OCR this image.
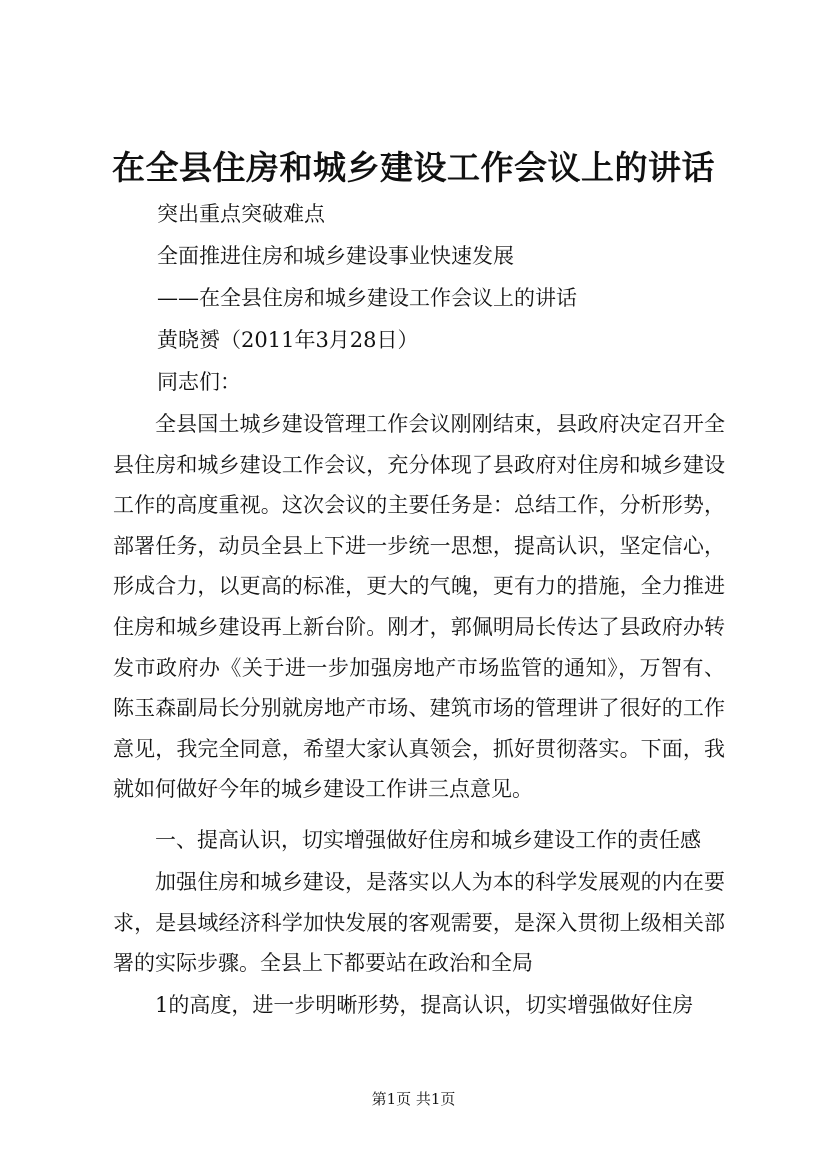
在全县住房和城乡建设工作会议上的讲话
突出重点突破难点
全面推进住房和城乡建设事业快速发展
——在全县住房和城乡建设工作会议上的讲话
黄晓赟（2011年3月28日）
同志们：

全县国土城乡建设管理工作会议刚刚结束，县政府决定召开全县住房和城乡建设工作会议，充分体现了县政府对住房和城乡建设工作的高度重视。这次会议的主要任务是：总结工作，分析形势，部署任务，动员全县上下进一步统一思想，提高认识，坚定信心，形成合力，以更高的标准，更大的气魄，更有力的措施，全力推进住房和城乡建设再上新台阶。刚才，郭佩明局长传达了县政府办转发市政府办《关于进一步加强房地产市场监管的通知》，万智有、陈玉森副局长分别就房地产市场、建筑市场的管理讲了很好的工作意见，我完全同意，希望大家认真领会，抓好贯彻落实。下面，我就如何做好今年的城乡建设工作讲三点意见。

一、提高认识，切实增强做好住房和城乡建设工作的责任感

加强住房和城乡建设，是落实以人为本的科学发展观的内在要求，是县域经济科学加快发展的客观需要，是深入贯彻上级相关部署的实际步骤。全县上下都要站在政治和全局

1的高度，进一步明晰形势，提高认识，切实增强做好住房
第1页 共1页
